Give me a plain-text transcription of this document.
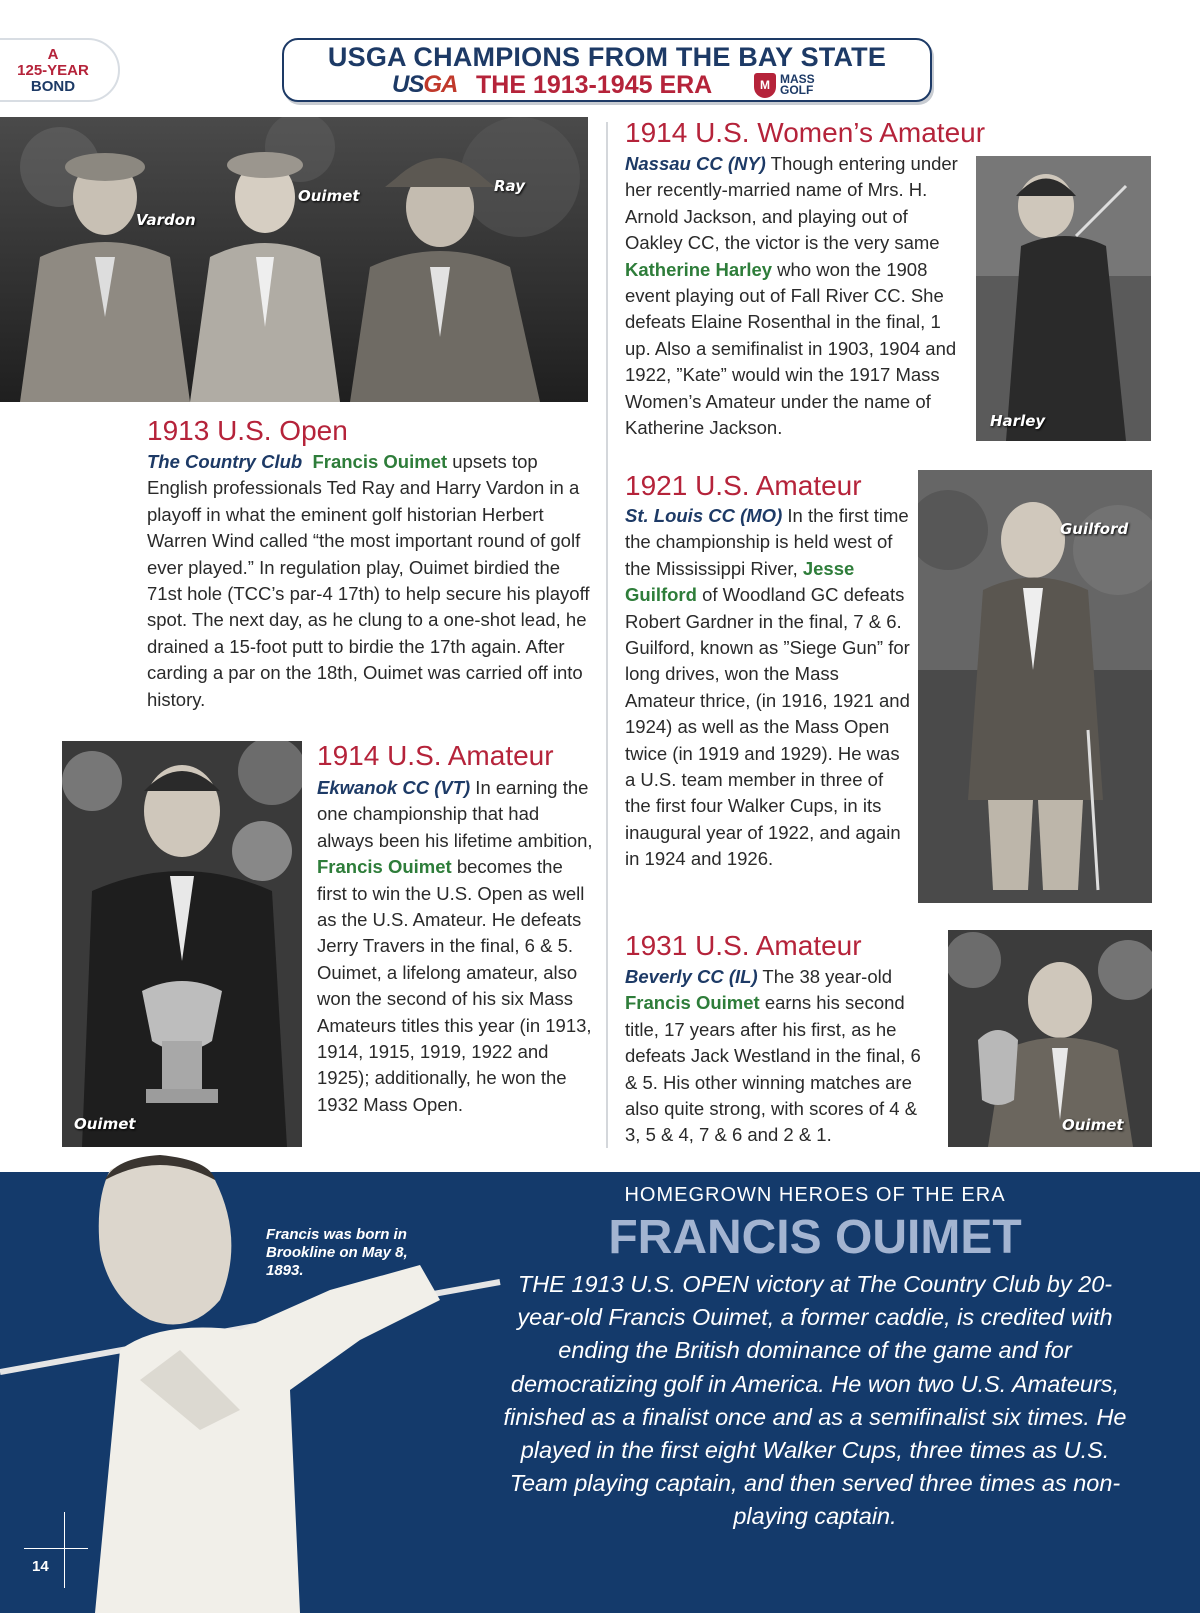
A
125-YEAR
BOND
USGA CHAMPIONS FROM THE BAY STATE
USGA THE 1913-1945 ERA	M MASS
GOLF
Vardon
Ouimet
Ray
1913 U.S. Open
The Country Club Francis Ouimet upsets top English professionals Ted Ray and Harry Vardon in a playoff in what the eminent golf historian Herbert Warren Wind called “the most important round of golf ever played.” In regulation play, Ouimet birdied the 71st hole (TCC’s par-4 17th) to help secure his playoff spot. The next day, as he clung to a one-shot lead, he drained a 15-foot putt to birdie the 17th again. After carding a par on the 18th, Ouimet was carried off into history.
Ouimet
1914 U.S. Amateur
Ekwanok CC (VT) In earning the one championship that had always been his lifetime ambition, Francis Ouimet becomes the first to win the U.S. Open as well as the U.S. Amateur. He defeats Jerry Travers in the final, 6 & 5. Ouimet, a lifelong amateur, also won the second of his six Mass Amateurs titles this year (in 1913, 1914, 1915, 1919, 1922 and 1925); additionally, he won the 1932 Mass Open.
1914 U.S. Women’s Amateur
Nassau CC (NY) Though entering under her recently-married name of Mrs. H. Arnold Jackson, and playing out of Oakley CC, the victor is the very same Katherine Harley who won the 1908 event playing out of Fall River CC. She defeats Elaine Rosenthal in the final, 1 up. Also a semifinalist in 1903, 1904 and 1922, ”Kate” would win the 1917 Mass Women’s Amateur under the name of Katherine Jackson.	Harley
1921 U.S. Amateur
St. Louis CC (MO) In the first time the championship is held west of the Mississippi River, Jesse Guilford of Woodland GC defeats Robert Gardner in the final, 7 & 6. Guilford, known as ”Siege Gun” for long drives, won the Mass Amateur thrice, (in 1916, 1921 and 1924) as well as the Mass Open twice (in 1919 and 1929). He was a U.S. team member in three of the first four Walker Cups, in its inaugural year of 1922, and again in 1924 and 1926.
Guilford
1931 U.S. Amateur
Beverly CC (IL) The 38 year-old Francis Ouimet earns his second title, 17 years after his first, as he defeats Jack Westland in the final, 6 & 5. His other winning matches are also quite strong, with scores of 4 & 3, 5 & 4, 7 & 6 and 2 & 1.	Ouimet
Francis was born in Brookline on May 8, 1893.
HOMEGROWN HEROES OF THE ERA
FRANCIS OUIMET
THE 1913 U.S. OPEN victory at The Country Club by 20-year-old Francis Ouimet, a former caddie, is credited with ending the British dominance of the game and for democratizing golf in America. He won two U.S. Amateurs, finished as a finalist once and as a semifinalist six times. He played in the first eight Walker Cups, three times as U.S. Team playing captain, and then served three times as non-playing captain.
14
